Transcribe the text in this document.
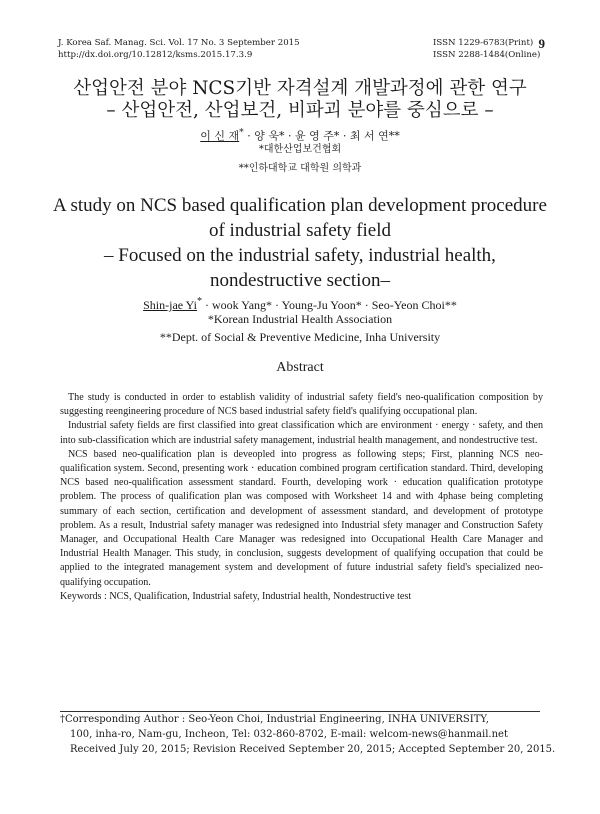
J. Korea Saf. Manag. Sci. Vol. 17 No. 3 September 2015
http://dx.doi.org/10.12812/ksms.2015.17.3.9
ISSN 1229-6783(Print)
ISSN 2288-1484(Online)
9
산업안전 분야 NCS기반 자격설계 개발과정에 관한 연구
– 산업안전, 산업보건, 비파괴 분야를 중심으로 –
이 신 재* · 양 욱* · 윤 영 주* · 최 서 연**
*대한산업보건협회
**인하대학교 대학원 의학과
A study on NCS based qualification plan development procedure
of industrial safety field
– Focused on the industrial safety, industrial health,
nondestructive section–
Shin-jae Yi* · wook Yang* · Young-Ju Yoon* · Seo-Yeon Choi**
*Korean Industrial Health Association
**Dept. of Social & Preventive Medicine, Inha University
Abstract

The study is conducted in order to establish validity of industrial safety field's neo-qualification composition by suggesting reengineering procedure of NCS based industrial safety field's qualifying occupational plan.

Industrial safety fields are first classified into great classification which are environment · energy · safety, and then into sub-classification which are industrial safety management, industrial health management, and nondestructive test.

NCS based neo-qualification plan is deveopled into progress as following steps; First, planning NCS neo-qualification system. Second, presenting work · education combined program certification standard. Third, developing NCS based neo-qualification assessment standard. Fourth, developing work · education qualification prototype problem. The process of qualification plan was composed with Worksheet 14 and with 4phase being completing summary of each section, certification and development of assessment standard, and development of prototype problem. As a result, Industrial safety manager was redesigned into Industrial sfety manager and Construction Safety Manager, and Occupational Health Care Manager was redesigned into Occupational Health Care Manager and Industrial Health Manager. This study, in conclusion, suggests development of qualifying occupation that could be applied to the integrated management system and development of future industrial safety field's specialized neo-qualifying occupation.

Keywords : NCS, Qualification, Industrial safety, Industrial health, Nondestructive test

†Corresponding Author : Seo-Yeon Choi, Industrial Engineering, INHA UNIVERSITY,
100, inha-ro, Nam-gu, Incheon, Tel: 032-860-8702, E-mail: welcom-news@hanmail.net
Received July 20, 2015; Revision Received September 20, 2015; Accepted September 20, 2015.
